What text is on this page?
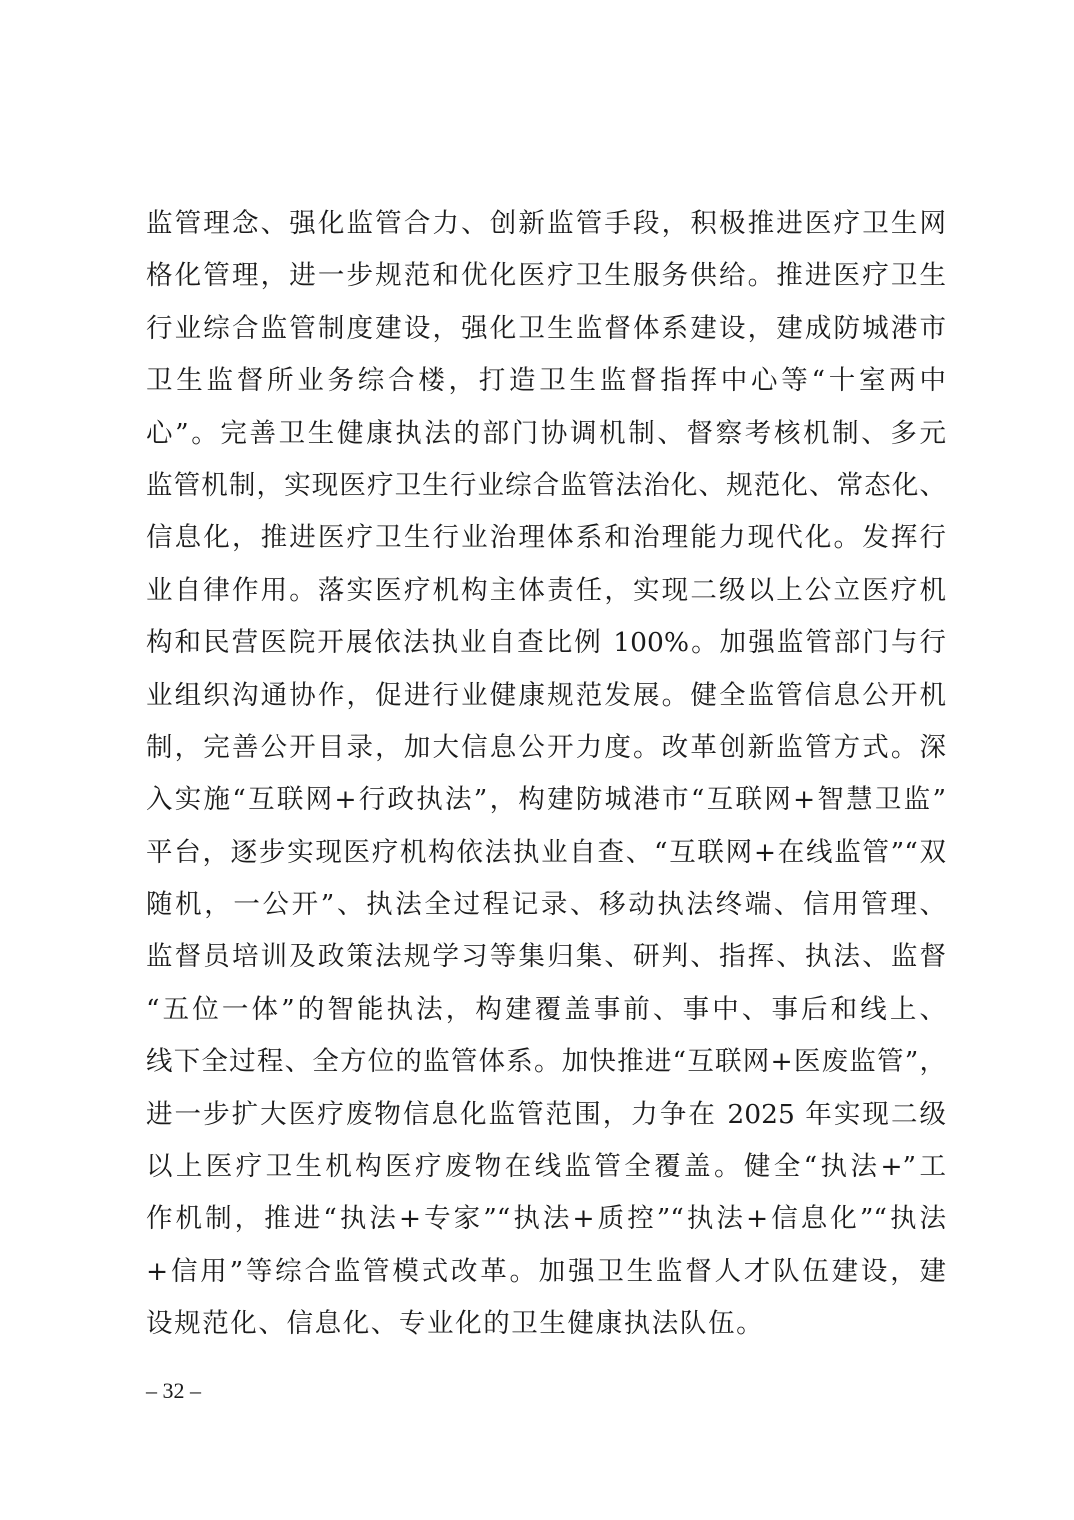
监管理念、强化监管合力、创新监管手段，积极推进医疗卫生网
格化管理，进一步规范和优化医疗卫生服务供给。推进医疗卫生
行业综合监管制度建设，强化卫生监督体系建设，建成防城港市
卫生监督所业务综合楼，打造卫生监督指挥中心等“十室两中
心”。完善卫生健康执法的部门协调机制、督察考核机制、多元
监管机制，实现医疗卫生行业综合监管法治化、规范化、常态化、
信息化，推进医疗卫生行业治理体系和治理能力现代化。发挥行
业自律作用。落实医疗机构主体责任，实现二级以上公立医疗机
构和民营医院开展依法执业自查比例 100%。加强监管部门与行
业组织沟通协作，促进行业健康规范发展。健全监管信息公开机
制，完善公开目录，加大信息公开力度。改革创新监管方式。深
入实施“互联网+行政执法”，构建防城港市“互联网+智慧卫监”
平台，逐步实现医疗机构依法执业自查、“互联网+在线监管”“双
随机，一公开”、执法全过程记录、移动执法终端、信用管理、
监督员培训及政策法规学习等集归集、研判、指挥、执法、监督
“五位一体”的智能执法，构建覆盖事前、事中、事后和线上、
线下全过程、全方位的监管体系。加快推进“互联网+医废监管”，
进一步扩大医疗废物信息化监管范围，力争在 2025 年实现二级
以上医疗卫生机构医疗废物在线监管全覆盖。健全“执法+”工
作机制，推进“执法+专家”“执法+质控”“执法+信息化”“执法
+信用”等综合监管模式改革。加强卫生监督人才队伍建设，建
设规范化、信息化、专业化的卫生健康执法队伍。
– 32 –
